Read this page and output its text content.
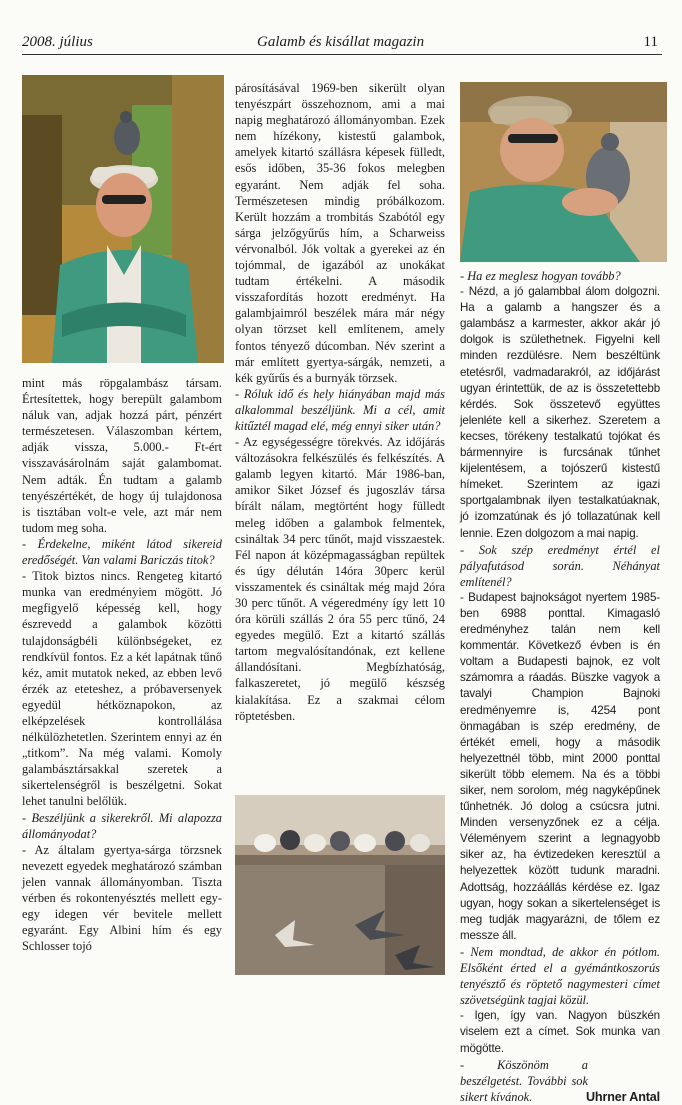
2008. július	Galamb és kisállat magazin	11

mint más röpgalambász társam. Értesítettek, hogy berepült galambom náluk van, adjak hozzá párt, pénzért természetesen. Válaszomban kértem, adják vissza, 5.000.- Ft-ért visszavásárolnám saját galambomat. Nem adták. Én tudtam a galamb tenyészértékét, de hogy új tulajdonosa is tisztában volt-e vele, azt már nem tudom meg soha.

- Érdekelne, miként látod sikereid eredőségét. Van valami Bariczás titok?

- Titok biztos nincs. Rengeteg kitartó munka van eredményiem mögött. Jó megfigyelő képesség kell, hogy észrevedd a galambok közötti tulajdonságbéli különbségeket, ez rendkívül fontos. Ez a két lapátnak tűnő kéz, amit mutatok neked, az ebben levő érzék az eteteshez, a próbaversenyek egyedül hétköznapokon, az elképzelések kontrollálása nélkülözhetetlen. Szerintem ennyi az én „titkom”. Na még valami. Komoly galambásztársakkal szeretek a sikertelenségről is beszélgetni. Sokat lehet tanulni belőlük.

- Beszéljünk a sikerekről. Mi alapozza állományodat?

- Az általam gyertya-sárga törzsnek nevezett egyedek meghatározó számban jelen vannak állományomban. Tiszta vérben és rokontenyésztés mellett egy-egy idegen vér bevitele mellett egyaránt. Egy Albini hím és egy Schlosser tojó

párosításával 1969-ben sikerült olyan tenyészpárt összehoznom, ami a mai napig meghatározó állományomban. Ezek nem hízékony, kistestű galambok, amelyek kitartó szállásra képesek fülledt, esős időben, 35-36 fokos melegben egyaránt. Nem adják fel soha. Természetesen mindig próbálkozom. Került hozzám a trombitás Szabótól egy sárga jelzőgyűrűs hím, a Scharweiss vérvonalból. Jók voltak a gyerekei az én tojómmal, de igazából az unokákat tudtam értékelni. A második visszafordítás hozott eredményt. Ha galambjaimról beszélek mára már négy olyan törzset kell említenem, amely fontos tényező dúcomban. Név szerint a már említett gyertya-sárgák, nemzeti, a kék gyűrűs és a burnyák törzsek.

- Róluk idő és hely hiányában majd más alkalommal beszéljünk. Mi a cél, amit kitűztél magad elé, még ennyi siker után?

- Az egységességre törekvés. Az időjárás változásokra felkészülés és felkészítés. A galamb legyen kitartó. Már 1986-ban, amikor Siket József és jugoszláv társa bírált nálam, megtörtént hogy fülledt meleg időben a galambok felmentek, csináltak 34 perc tűnőt, majd visszaestek. Fél napon át középmagasságban repültek és úgy délután 14óra 30perc kerül visszamentek és csináltak még majd 2óra 30 perc tűnőt. A végeredmény így lett 10 óra körüli szállás 2 óra 55 perc tűnő, 24 egyedes megülő. Ezt a kitartó szállás tartom megvalósítandónak, ezt kellene állandósítani. Megbízhatóság, falkaszeretet, jó megülő készség kialakítása. Ez a szakmai célom röptetésben.

- Ha ez meglesz hogyan tovább?

- Nézd, a jó galambbal álom dolgozni. Ha a galamb a hangszer és a galambász a karmester, akkor akár jó dolgok is születhetnek. Figyelni kell minden rezdülésre. Nem beszéltünk etetésről, vadmadarakról, az időjárást ugyan érintettük, de az is összetettebb kérdés. Sok összetevő együttes jelenléte kell a sikerhez. Szeretem a kecses, törékeny testalkatú tojókat és bármennyire is furcsának tűnhet kijelentésem, a tojószerű kistestű hímeket. Szerintem az igazi sportgalambnak ilyen testalkatúaknak, jó izomzatúnak és jó tollazatúnak kell lennie. Ezen dolgozom a mai napig.

- Sok szép eredményt értél el pályafutásod során. Néhányat említenél?

- Budapest bajnokságot nyertem 1985-ben 6988 ponttal. Kimagasló eredményhez talán nem kell kommentár. Következő évben is én voltam a Budapesti bajnok, ez volt számomra a ráadás. Büszke vagyok a tavalyi Champion Bajnoki eredményemre is, 4254 pont önmagában is szép eredmény, de értékét emeli, hogy a második helyezettnél több, mint 2000 ponttal sikerült több elemem. Na és a többi siker, nem sorolom, még nagyképűnek tűnhetnék. Jó dolog a csúcsra jutni. Minden versenyzőnek ez a célja. Véleményem szerint a legnagyobb siker az, ha évtizedeken keresztül a helyezettek között tudunk maradni. Adottság, hozzáállás kérdése ez. Igaz ugyan, hogy sokan a sikertelenséget is meg tudják magyarázni, de tőlem ez messze áll.

- Nem mondtad, de akkor én pótlom. Elsőként érted el a gyémántkoszorús tenyésztő és röptető nagymesteri címet szövetségünk tagjai közül.

- Igen, így van. Nagyon büszkén viselem ezt a címet. Sok munka van mögötte.

- Köszönöm a beszélgetést. További sok sikert kívánok.	Uhrner Antal
